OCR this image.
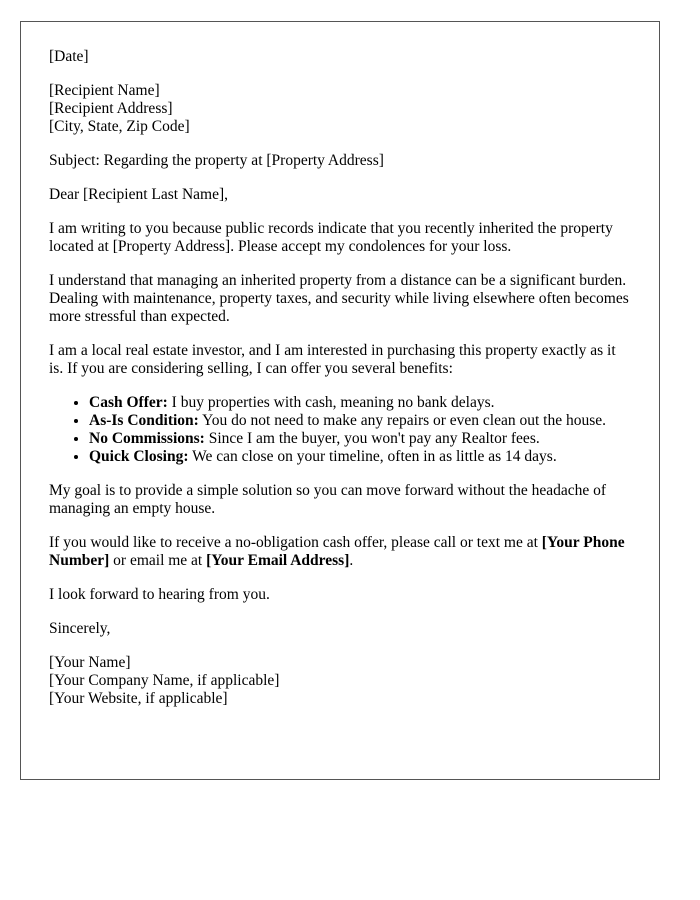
[Date]

[Recipient Name]

[Recipient Address]

[City, State, Zip Code]

Subject: Regarding the property at [Property Address]

Dear [Recipient Last Name],

I am writing to you because public records indicate that you recently inherited the property located at [Property Address]. Please accept my condolences for your loss.

I understand that managing an inherited property from a distance can be a significant burden. Dealing with maintenance, property taxes, and security while living elsewhere often becomes more stressful than expected.

I am a local real estate investor, and I am interested in purchasing this property exactly as it is. If you are considering selling, I can offer you several benefits:

• Cash Offer: I buy properties with cash, meaning no bank delays.
• As-Is Condition: You do not need to make any repairs or even clean out the house.
• No Commissions: Since I am the buyer, you won't pay any Realtor fees.
• Quick Closing: We can close on your timeline, often in as little as 14 days.

My goal is to provide a simple solution so you can move forward without the headache of managing an empty house.

If you would like to receive a no-obligation cash offer, please call or text me at [Your Phone Number] or email me at [Your Email Address].

I look forward to hearing from you.

Sincerely,

[Your Name]

[Your Company Name, if applicable]

[Your Website, if applicable]
